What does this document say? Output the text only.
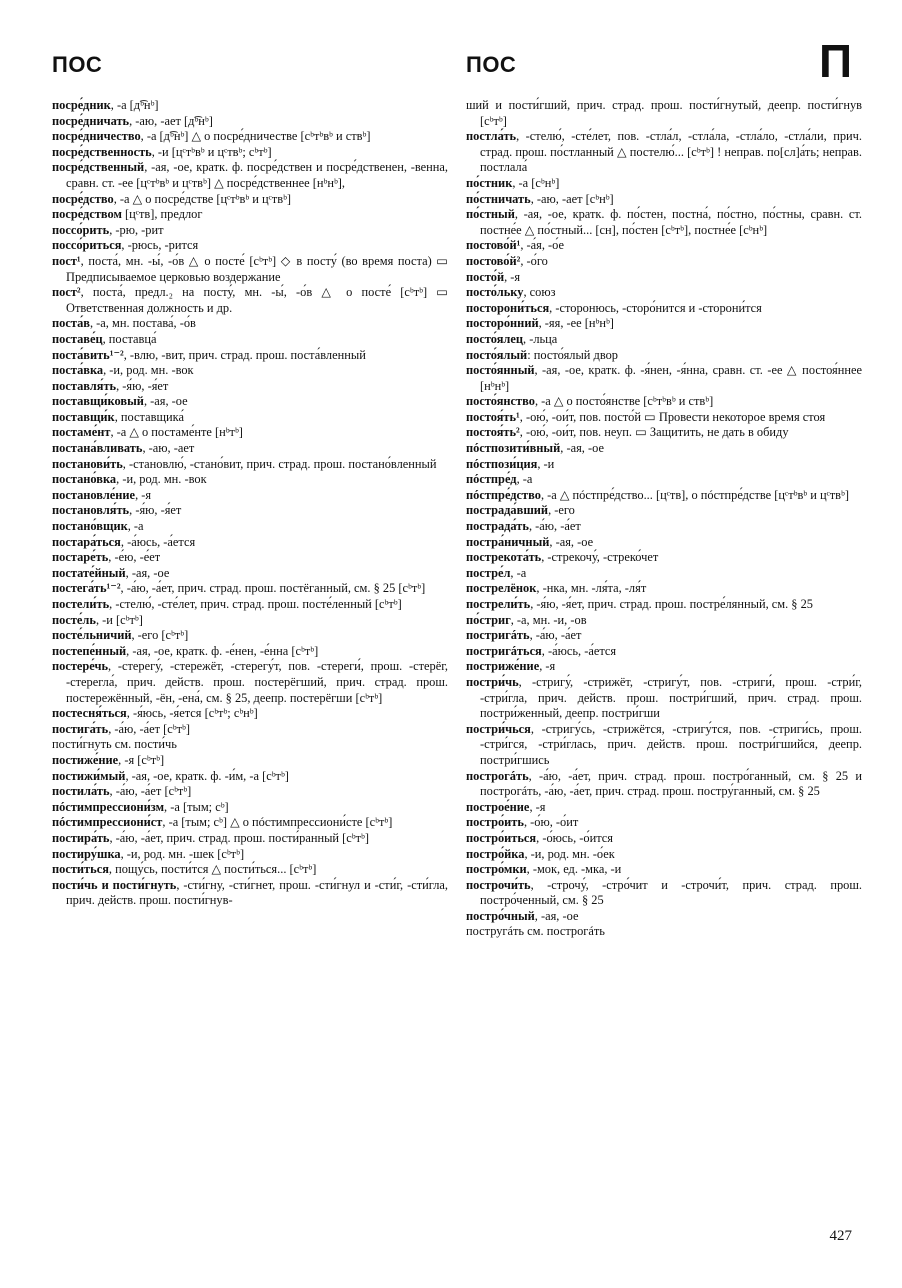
ПОС	ПОС	П

посре́дник, -а [д͡ᵇнᵇ]

посре́дничать, -аю, -ает [д͡ᵇнᵇ]

посре́дничество, -а [д͡ᵇнᵇ] △ о посре́дничестве [сᵇтᵇвᵇ и ствᵇ]

посре́дственность, -и [цᶜтᵇвᵇ и цᶜтвᵇ; сᵇтᵇ]

посре́дственный, -ая, -ое, кратк. ф. посре́дствен и посре́дственен, -венна, сравн. ст. -ее [цᶜтᵇвᵇ и цᶜтвᵇ] △ посре́дственнее [нᵇнᵇ],

посре́дство, -а △ о посре́дстве [цᶜтᵇвᵇ и цᶜтвᵇ]

посре́дством [цᶜтв], предлог

поссо́рить, -рю, -рит

поссо́риться, -рюсь, -рится

пост¹, поста́, мн. -ы́, -о́в △ о посте́ [сᵇтᵇ] ◇ в посту́ (во время поста) ▭ Предписываемое церковью воздержание

пост², поста́, предл.₂ на посту́, мн. -ы́, -о́в △ о посте́ [сᵇтᵇ] ▭ Ответственная должность и др.

поста́в, -а, мн. постава́, -о́в

поставе́ц, поставца́

поста́вить¹⁻², -влю, -вит, прич. страд. прош. поста́вленный

поста́вка, -и, род. мн. -вок

поставля́ть, -я́ю, -я́ет

поставщи́ковый, -ая, -ое

поставщи́к, поставщика́

постаме́нт, -а △ о постаме́нте [нᵇтᵇ]

постана́вливать, -аю, -ает

постанови́ть, -становлю́, -стано́вит, прич. страд. прош. постано́вленный

постано́вка, -и, род. мн. -вок

постановле́ние, -я

постановля́ть, -я́ю, -я́ет

постано́вщик, -а

постара́ться, -а́юсь, -а́ется

постаре́ть, -е́ю, -е́ет

постате́йный, -ая, -ое

постега́ть¹⁻², -а́ю, -а́ет, прич. страд. прош. постёганный, см. § 25 [сᵇтᵇ]

постели́ть, -стелю́, -сте́лет, прич. страд. прош. посте́ленный [сᵇтᵇ]

посте́ль, -и [сᵇтᵇ]

посте́льничий, -его [сᵇтᵇ]

постепе́нный, -ая, -ое, кратк. ф. -е́нен, -е́нна [сᵇтᵇ]

постере́чь, -стерегу́, -стережёт, -стерегу́т, пов. -стереги́, прош. -стерёг, -стерегла́, прич. действ. прош. постерёгший, прич. страд. прош. постережённый, -ён, -ена́, см. § 25, деепр. постерёгши [сᵇтᵇ]

постесня́ться, -я́юсь, -я́ется [сᵇтᵇ; сᵇнᵇ]

постига́ть, -а́ю, -а́ет [сᵇтᵇ]

пости́гнуть см. пости́чь

постиже́ние, -я [сᵇтᵇ]

постижи́мый, -ая, -ое, кратк. ф. -и́м, -а [сᵇтᵇ]

постила́ть, -а́ю, -а́ет [сᵇтᵇ]

пóстимпрессиони́зм, -а [тым; сᵇ]

пóстимпрессиони́ст, -а [тым; сᵇ] △ о пóстимпрессиони́сте [сᵇтᵇ]

постира́ть, -а́ю, -а́ет, прич. страд. прош. пости́ранный [сᵇтᵇ]

постиру́шка, -и, род. мн. -шек [сᵇтᵇ]

пости́ться, пощу́сь, пости́тся △ пости́ться... [сᵇтᵇ]

пости́чь и пости́гнуть, -сти́гну, -сти́гнет, прош. -сти́гнул и -сти́г, -сти́гла, прич. действ. прош. пости́гнув-

ший и пости́гший, прич. страд. прош. пости́гнутый, деепр. пости́гнув [сᵇтᵇ]

постла́ть, -стелю́, -сте́лет, пов. -стла́л, -стла́ла, -стла́ло, -стла́ли, прич. страд. прош. по́стланный △ постелю́... [сᵇтᵇ] ! неправ. по[сл]а́ть; неправ. постлала́

по́стник, -а [сᵇнᵇ]

по́стничать, -аю, -ает [сᵇнᵇ]

по́стный, -ая, -ое, кратк. ф. по́стен, постна́, по́стно, по́стны, сравн. ст. постне́е △ по́стный... [сн], по́стен [сᵇтᵇ], постне́е [сᵇнᵇ]

постово́й¹, -а́я, -о́е

постово́й², -о́го

посто́й, -я

посто́льку, союз

посторони́ться, -сторонюсь, -сторо́нится и -сторони́тся

посторо́нний, -яя, -ее [нᵇнᵇ]

посто́ялец, -льца

посто́ялый: посто́ялый двор

посто́янный, -ая, -ое, кратк. ф. -я́нен, -я́нна, сравн. ст. -ее △ постоя́ннее [нᵇнᵇ]

посто́янство, -а △ о посто́янстве [сᵇтᵇвᵇ и ствᵇ]

постоя́ть¹, -ою́, -ои́т, пов. посто́й ▭ Провести некоторое время стоя

постоя́ть², -ою́, -ои́т, пов. неуп. ▭ Защитить, не дать в обиду

пóстпозити́вный, -ая, -ое

пóстпози́ция, -и

пóстпре́д, -а

пóстпре́дство, -а △ пóстпре́дство... [цᶜтв], о пóстпре́дстве [цᶜтᵇвᵇ и цᶜтвᵇ]

пострада́вший, -его

пострада́ть, -а́ю, -а́ет

постра́ничный, -ая, -ое

пострекота́ть, -стрекочу́, -стреко́чет

постре́л, -а

пострелёнок, -нка, мн. -ля́та, -ля́т

пострели́ть, -я́ю, -я́ет, прич. страд. прош. постре́лянный, см. § 25

по́стриг, -а, мн. -и, -ов

постригáть, -а́ю, -а́ет

постригáться, -а́юсь, -а́ется

постриже́ние, -я

постри́чь, -стригу́, -стрижёт, -стригу́т, пов. -стриги́, прош. -стри́г, -стри́гла, прич. действ. прош. постри́гший, прич. страд. прош. постри́женный, деепр. постри́гши

постри́чься, -стригу́сь, -стрижётся, -стригу́тся, пов. -стриги́сь, прош. -стри́гся, -стри́глась, прич. действ. прош. постри́гшийся, деепр. постри́гшись

построгáть, -а́ю, -а́ет, прич. страд. прош. постро́ганный, см. § 25 и построгáть, -а́ю, -а́ет, прич. страд. прош. постру́ганный, см. § 25

построе́ние, -я

постро́ить, -о́ю, -о́ит

постро́иться, -о́юсь, -о́ится

постро́йка, -и, род. мн. -о́ек

постро́мки, -мок, ед. -мка, -и

построчи́ть, -строчу́, -стро́чит и -строчи́т, прич. страд. прош. постро́ченный, см. § 25

постро́чный, -ая, -ое

постругáть см. построгáть

427
